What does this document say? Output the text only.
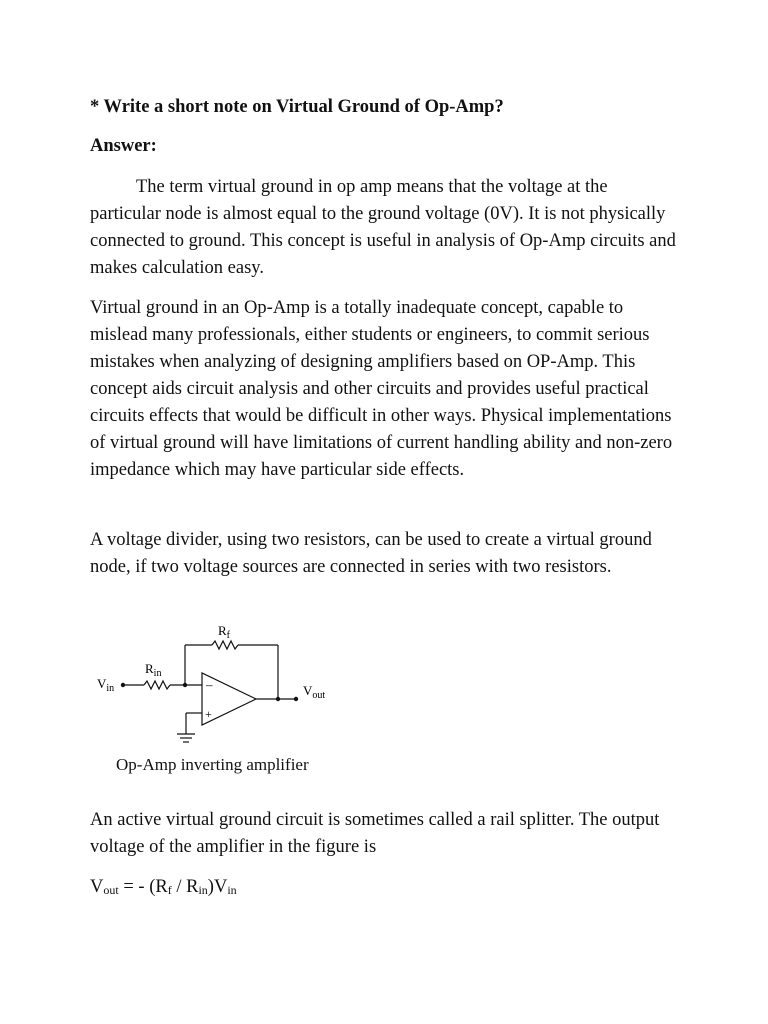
* Write a short note on Virtual Ground of Op-Amp?
Answer:

The term virtual ground in op amp means that the voltage at the particular node is almost equal to the ground voltage (0V). It is not physically connected to ground. This concept is useful in analysis of Op-Amp circuits and makes calculation easy.

Virtual ground in an Op-Amp is a totally inadequate concept, capable to mislead many professionals, either students or engineers, to commit serious mistakes when analyzing of designing amplifiers based on OP-Amp. This concept aids circuit analysis and other circuits and provides useful practical circuits effects that would be difficult in other ways. Physical implementations of virtual ground will have limitations of current handling ability and non-zero impedance which may have particular side effects.

A voltage divider, using two resistors, can be used to create a virtual ground node, if two voltage sources are connected in series with two resistors.

–
+
$R_f$
$R_{in}$
$V_{in}$	$V_{out}$
Op-Amp inverting amplifier

An active virtual ground circuit is sometimes called a rail splitter. The output voltage of the amplifier in the figure is

$V_{out}$ = - $(R_f / R_{in})V_{in}$
